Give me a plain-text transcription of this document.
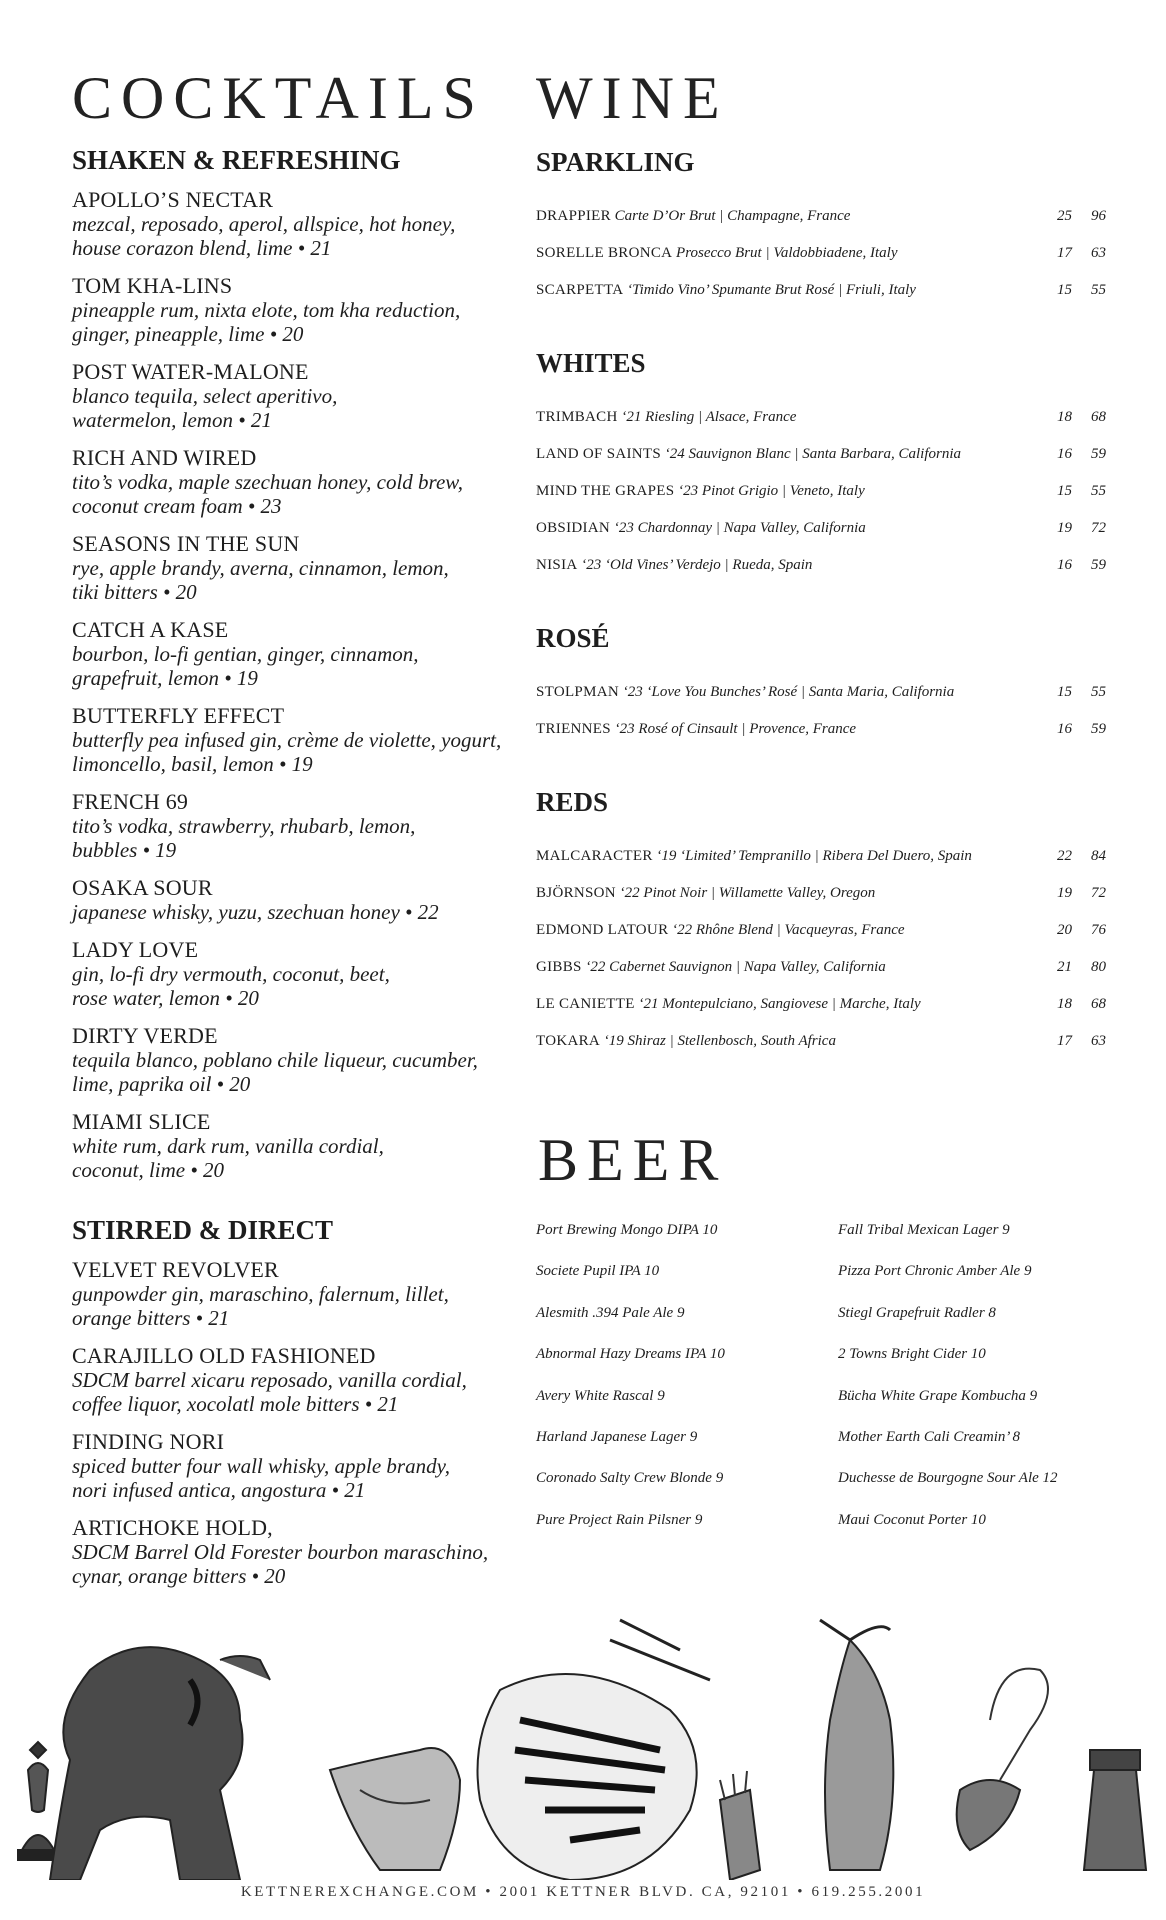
COCKTAILS
SHAKEN & REFRESHING
APOLLO’S NECTAR
mezcal, reposado, aperol, allspice, hot honey,
house corazon blend, lime • 21
TOM KHA-LINS
pineapple rum, nixta elote, tom kha reduction,
ginger, pineapple, lime • 20
POST WATER-MALONE
blanco tequila, select aperitivo,
watermelon, lemon • 21
RICH AND WIRED
tito’s vodka, maple szechuan honey, cold brew,
coconut cream foam • 23
SEASONS IN THE SUN
rye, apple brandy, averna, cinnamon, lemon,
tiki bitters • 20
CATCH A KASE
bourbon, lo-fi gentian, ginger, cinnamon,
grapefruit, lemon • 19
BUTTERFLY EFFECT
butterfly pea infused gin, crème de violette, yogurt,
limoncello, basil, lemon • 19
FRENCH 69
tito’s vodka, strawberry, rhubarb, lemon,
bubbles • 19
OSAKA SOUR
japanese whisky, yuzu, szechuan honey • 22
LADY LOVE
gin, lo-fi dry vermouth, coconut, beet,
rose water, lemon • 20
DIRTY VERDE
tequila blanco, poblano chile liqueur, cucumber,
lime, paprika oil • 20
MIAMI SLICE
white rum, dark rum, vanilla cordial,
coconut, lime • 20
STIRRED & DIRECT
VELVET REVOLVER
gunpowder gin, maraschino, falernum, lillet,
orange bitters • 21
CARAJILLO OLD FASHIONED
SDCM barrel xicaru reposado, vanilla cordial,
coffee liquor, xocolatl mole bitters • 21
FINDING NORI
spiced butter four wall whisky, apple brandy,
nori infused antica, angostura • 21
ARTICHOKE HOLD,
SDCM Barrel Old Forester bourbon maraschino,
cynar, orange bitters • 20
WINE
SPARKLING
DRAPPIER Carte D’Or Brut | Champagne, France	25	96
SORELLE BRONCA Prosecco Brut | Valdobbiadene, Italy	17	63
SCARPETTA ‘Timido Vino’ Spumante Brut Rosé | Friuli, Italy	15	55
WHITES
TRIMBACH ‘21 Riesling | Alsace, France	18	68
LAND OF SAINTS ‘24 Sauvignon Blanc | Santa Barbara, California	16	59
MIND THE GRAPES ‘23 Pinot Grigio | Veneto, Italy	15	55
OBSIDIAN ‘23 Chardonnay | Napa Valley, California	19	72
NISIA ‘23 ‘Old Vines’ Verdejo | Rueda, Spain	16	59
ROSÉ
STOLPMAN ‘23 ‘Love You Bunches’ Rosé | Santa Maria, California	15	55
TRIENNES ‘23 Rosé of Cinsault | Provence, France	16	59
REDS
MALCARACTER ‘19 ‘Limited’ Tempranillo | Ribera Del Duero, Spain	22	84
BJÖRNSON ‘22 Pinot Noir | Willamette Valley, Oregon	19	72
EDMOND LATOUR ‘22 Rhône Blend | Vacqueyras, France	20	76
GIBBS ‘22 Cabernet Sauvignon | Napa Valley, California	21	80
LE CANIETTE ‘21 Montepulciano, Sangiovese | Marche, Italy	18	68
TOKARA ‘19 Shiraz | Stellenbosch, South Africa	17	63
BEER
Port Brewing Mongo DIPA 10	Fall Tribal Mexican Lager 9
Societe Pupil IPA 10	Pizza Port Chronic Amber Ale 9
Alesmith .394 Pale Ale 9	Stiegl Grapefruit Radler 8
Abnormal Hazy Dreams IPA 10	2 Towns Bright Cider 10
Avery White Rascal 9	Bücha White Grape Kombucha 9
Harland Japanese Lager 9	Mother Earth Cali Creamin’ 8
Coronado Salty Crew Blonde 9	Duchesse de Bourgogne Sour Ale 12
Pure Project Rain Pilsner 9	Maui Coconut Porter 10
KETTNEREXCHANGE.COM • 2001 KETTNER BLVD. CA, 92101 • 619.255.2001
